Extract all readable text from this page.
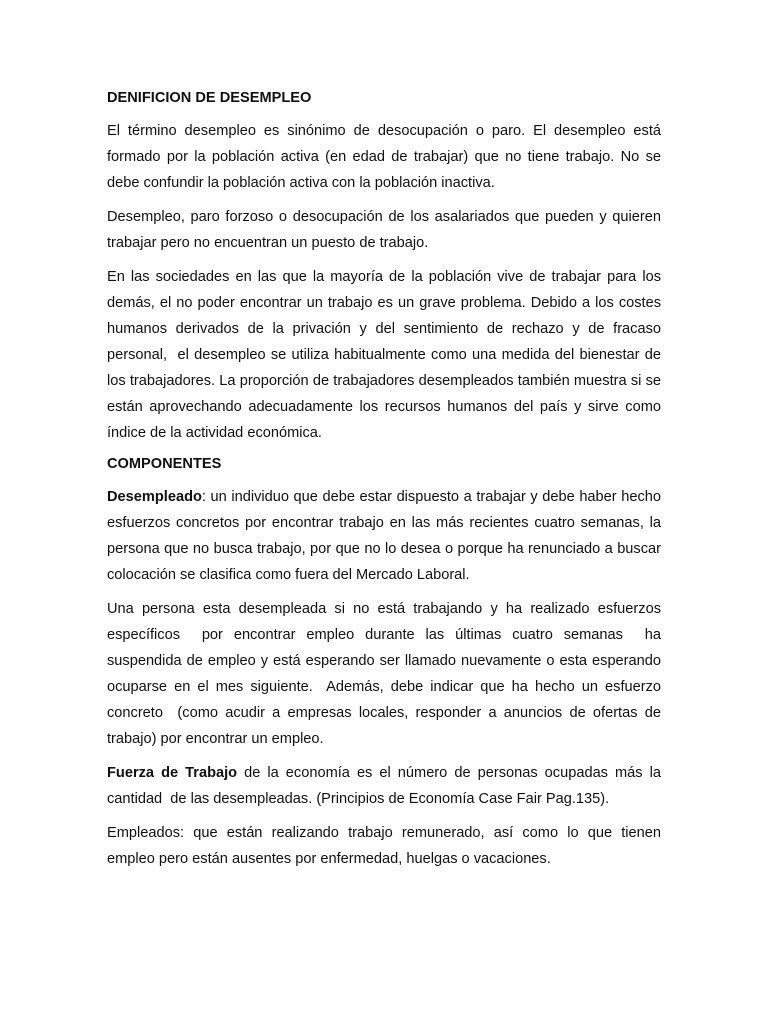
DENIFICION DE DESEMPLEO

El término desempleo es sinónimo de desocupación o paro. El desempleo está formado por la población activa (en edad de trabajar) que no tiene trabajo. No se debe confundir la población activa con la población inactiva.

Desempleo, paro forzoso o desocupación de los asalariados que pueden y quieren trabajar pero no encuentran un puesto de trabajo.

En las sociedades en las que la mayoría de la población vive de trabajar para los demás, el no poder encontrar un trabajo es un grave problema. Debido a los costes humanos derivados de la privación y del sentimiento de rechazo y de fracaso personal,  el desempleo se utiliza habitualmente como una medida del bienestar de los trabajadores. La proporción de trabajadores desempleados también muestra si se están aprovechando adecuadamente los recursos humanos del país y sirve como índice de la actividad económica.

COMPONENTES

Desempleado: un individuo que debe estar dispuesto a trabajar y debe haber hecho esfuerzos concretos por encontrar trabajo en las más recientes cuatro semanas, la persona que no busca trabajo, por que no lo desea o porque ha renunciado a buscar colocación se clasifica como fuera del Mercado Laboral.

Una persona esta desempleada si no está trabajando y ha realizado esfuerzos específicos  por encontrar empleo durante las últimas cuatro semanas  ha suspendida de empleo y está esperando ser llamado nuevamente o esta esperando ocuparse en el mes siguiente.  Además, debe indicar que ha hecho un esfuerzo concreto  (como acudir a empresas locales, responder a anuncios de ofertas de trabajo) por encontrar un empleo.

Fuerza de Trabajo de la economía es el número de personas ocupadas más la cantidad  de las desempleadas. (Principios de Economía Case Fair Pag.135).

Empleados: que están realizando trabajo remunerado, así como lo que tienen empleo pero están ausentes por enfermedad, huelgas o vacaciones.
